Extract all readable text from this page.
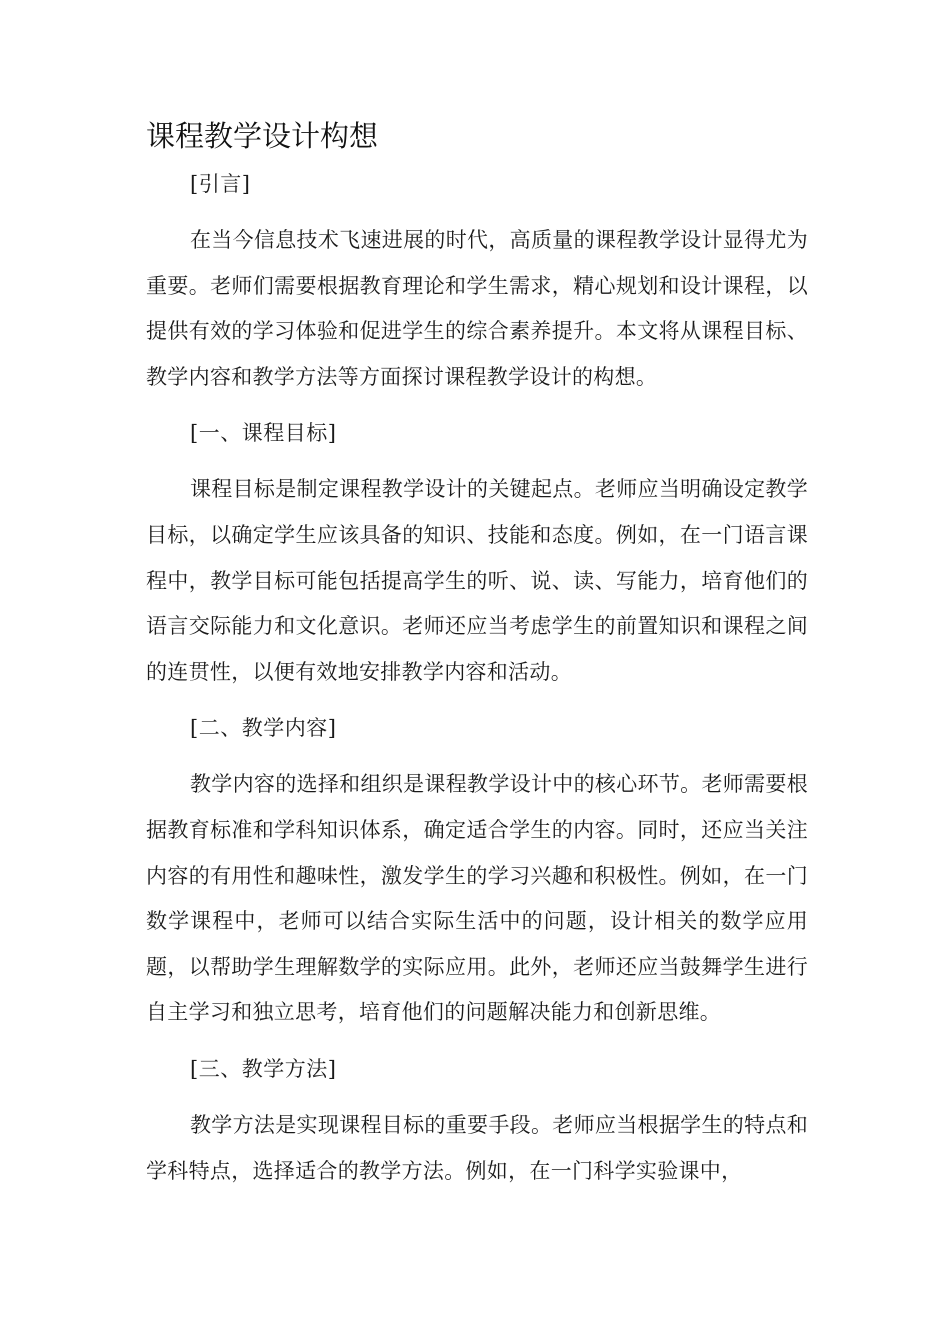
课程教学设计构想

[引言]

在当今信息技术飞速进展的时代，高质量的课程教学设计显得尤为重要。老师们需要根据教育理论和学生需求，精心规划和设计课程，以提供有效的学习体验和促进学生的综合素养提升。本文将从课程目标、教学内容和教学方法等方面探讨课程教学设计的构想。

[一、课程目标]

课程目标是制定课程教学设计的关键起点。老师应当明确设定教学目标，以确定学生应该具备的知识、技能和态度。例如，在一门语言课程中，教学目标可能包括提高学生的听、说、读、写能力，培育他们的语言交际能力和文化意识。老师还应当考虑学生的前置知识和课程之间的连贯性，以便有效地安排教学内容和活动。

[二、教学内容]

教学内容的选择和组织是课程教学设计中的核心环节。老师需要根据教育标准和学科知识体系，确定适合学生的内容。同时，还应当关注内容的有用性和趣味性，激发学生的学习兴趣和积极性。例如，在一门数学课程中，老师可以结合实际生活中的问题，设计相关的数学应用题，以帮助学生理解数学的实际应用。此外，老师还应当鼓舞学生进行自主学习和独立思考，培育他们的问题解决能力和创新思维。

[三、教学方法]

教学方法是实现课程目标的重要手段。老师应当根据学生的特点和学科特点，选择适合的教学方法。例如，在一门科学实验课中，
